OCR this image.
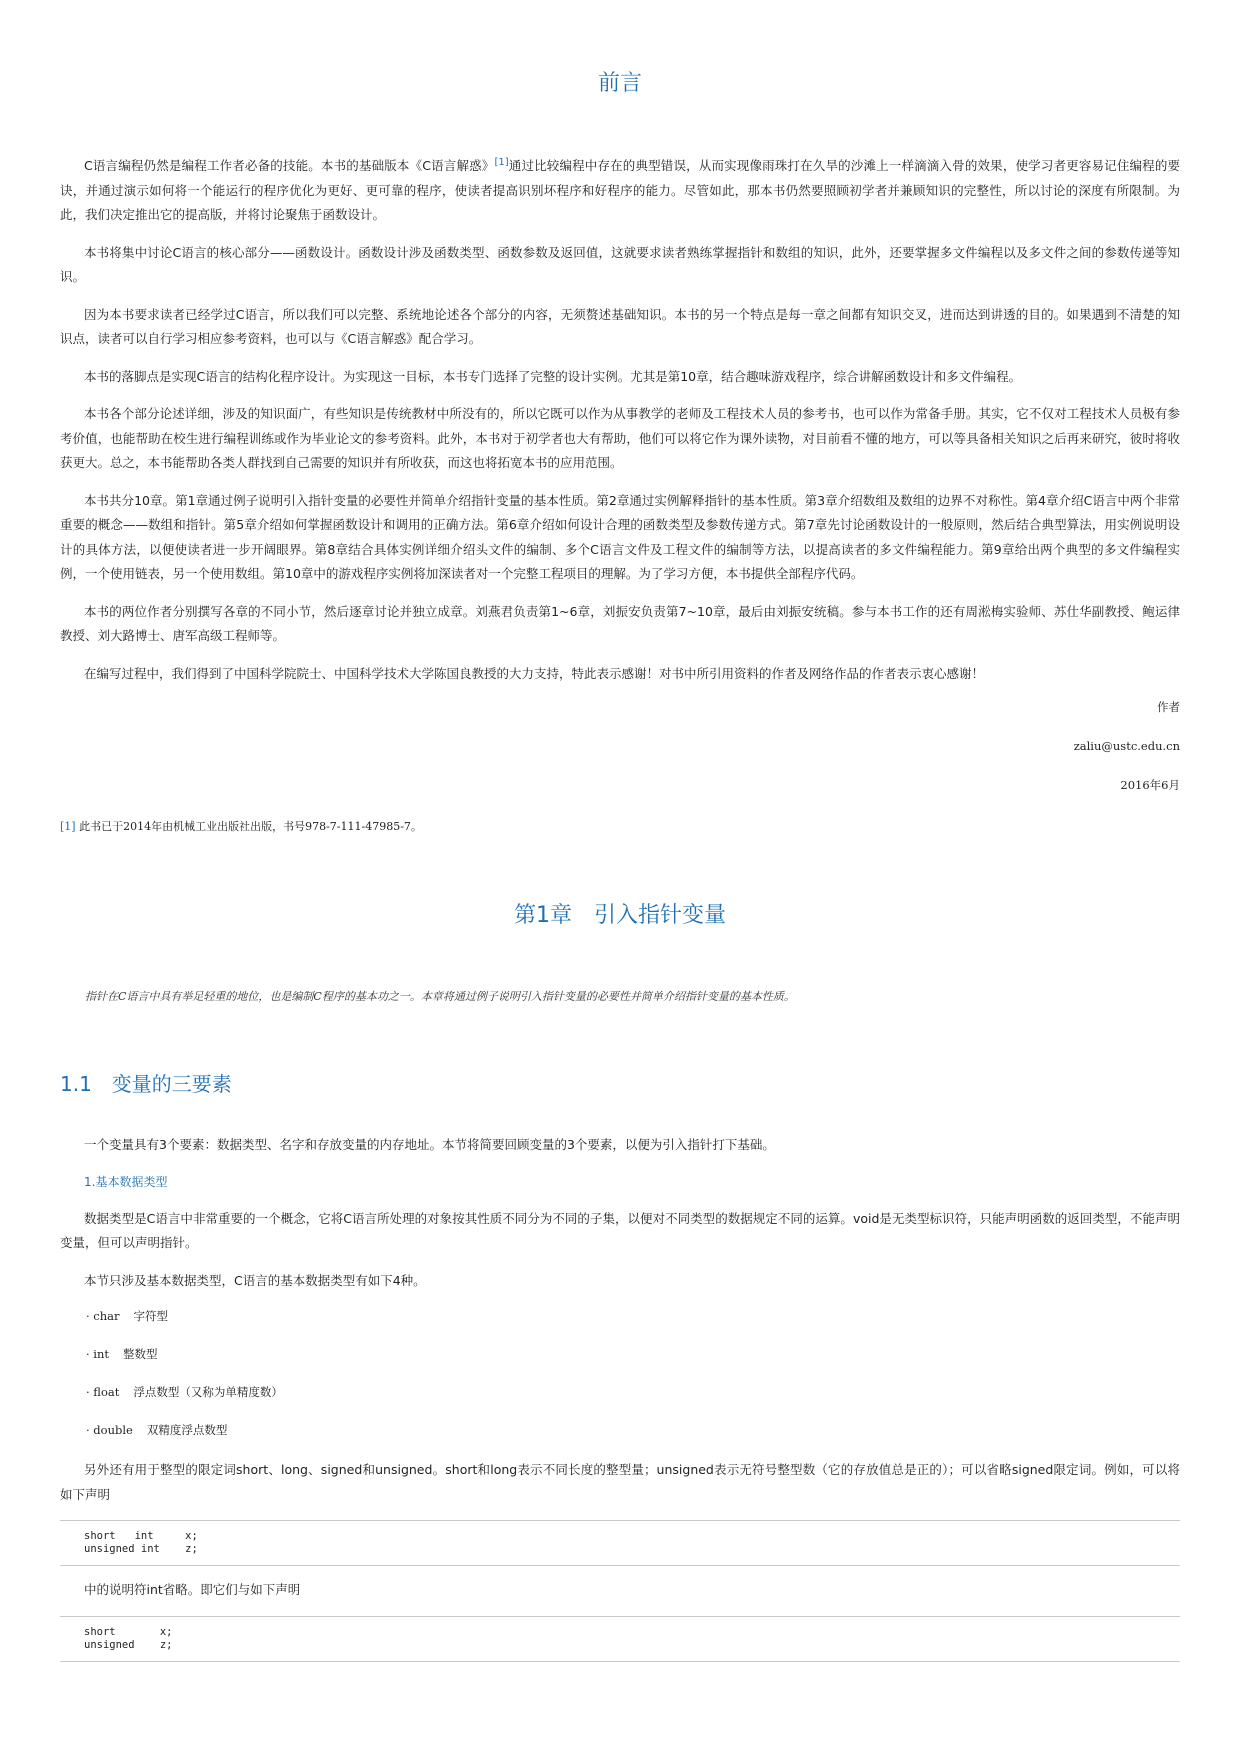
前言

C语言编程仍然是编程工作者必备的技能。本书的基础版本《C语言解惑》[1]通过比较编程中存在的典型错误，从而实现像雨珠打在久旱的沙滩上一样滴滴入骨的效果，使学习者更容易记住编程的要诀，并通过演示如何将一个能运行的程序优化为更好、更可靠的程序，使读者提高识别坏程序和好程序的能力。尽管如此，那本书仍然要照顾初学者并兼顾知识的完整性，所以讨论的深度有所限制。为此，我们决定推出它的提高版，并将讨论聚焦于函数设计。

本书将集中讨论C语言的核心部分——函数设计。函数设计涉及函数类型、函数参数及返回值，这就要求读者熟练掌握指针和数组的知识，此外，还要掌握多文件编程以及多文件之间的参数传递等知识。

因为本书要求读者已经学过C语言，所以我们可以完整、系统地论述各个部分的内容，无须赘述基础知识。本书的另一个特点是每一章之间都有知识交叉，进而达到讲透的目的。如果遇到不清楚的知识点，读者可以自行学习相应参考资料，也可以与《C语言解惑》配合学习。

本书的落脚点是实现C语言的结构化程序设计。为实现这一目标，本书专门选择了完整的设计实例。尤其是第10章，结合趣味游戏程序，综合讲解函数设计和多文件编程。

本书各个部分论述详细，涉及的知识面广，有些知识是传统教材中所没有的，所以它既可以作为从事教学的老师及工程技术人员的参考书，也可以作为常备手册。其实，它不仅对工程技术人员极有参考价值，也能帮助在校生进行编程训练或作为毕业论文的参考资料。此外，本书对于初学者也大有帮助，他们可以将它作为课外读物，对目前看不懂的地方，可以等具备相关知识之后再来研究，彼时将收获更大。总之，本书能帮助各类人群找到自己需要的知识并有所收获，而这也将拓宽本书的应用范围。

本书共分10章。第1章通过例子说明引入指针变量的必要性并简单介绍指针变量的基本性质。第2章通过实例解释指针的基本性质。第3章介绍数组及数组的边界不对称性。第4章介绍C语言中两个非常重要的概念——数组和指针。第5章介绍如何掌握函数设计和调用的正确方法。第6章介绍如何设计合理的函数类型及参数传递方式。第7章先讨论函数设计的一般原则，然后结合典型算法，用实例说明设计的具体方法，以便使读者进一步开阔眼界。第8章结合具体实例详细介绍头文件的编制、多个C语言文件及工程文件的编制等方法，以提高读者的多文件编程能力。第9章给出两个典型的多文件编程实例，一个使用链表，另一个使用数组。第10章中的游戏程序实例将加深读者对一个完整工程项目的理解。为了学习方便，本书提供全部程序代码。

本书的两位作者分别撰写各章的不同小节，然后逐章讨论并独立成章。刘燕君负责第1~6章，刘振安负责第7~10章，最后由刘振安统稿。参与本书工作的还有周淞梅实验师、苏仕华副教授、鲍运律教授、刘大路博士、唐军高级工程师等。

在编写过程中，我们得到了中国科学院院士、中国科学技术大学陈国良教授的大力支持，特此表示感谢！对书中所引用资料的作者及网络作品的作者表示衷心感谢！

作者

zaliu@ustc.edu.cn

2016年6月

[1] 此书已于2014年由机械工业出版社出版，书号978-7-111-47985-7。
第1章　引入指针变量
指针在C语言中具有举足轻重的地位，也是编制C程序的基本功之一。本章将通过例子说明引入指针变量的必要性并简单介绍指针变量的基本性质。
1.1　变量的三要素

一个变量具有3个要素：数据类型、名字和存放变量的内存地址。本节将简要回顾变量的3个要素，以便为引入指针打下基础。

1.基本数据类型

数据类型是C语言中非常重要的一个概念，它将C语言所处理的对象按其性质不同分为不同的子集，以便对不同类型的数据规定不同的运算。void是无类型标识符，只能声明函数的返回类型，不能声明变量，但可以声明指针。

本节只涉及基本数据类型，C语言的基本数据类型有如下4种。

· char 字符型
· int 整数型
· float 浮点数型（又称为单精度数）
· double 双精度浮点数型

另外还有用于整型的限定词short、long、signed和unsigned。short和long表示不同长度的整型量；unsigned表示无符号整型数（它的存放值总是正的）；可以省略signed限定词。例如，可以将如下声明

short   int     x;
unsigned int    z;

中的说明符int省略。即它们与如下声明

short       x;
unsigned    z;
